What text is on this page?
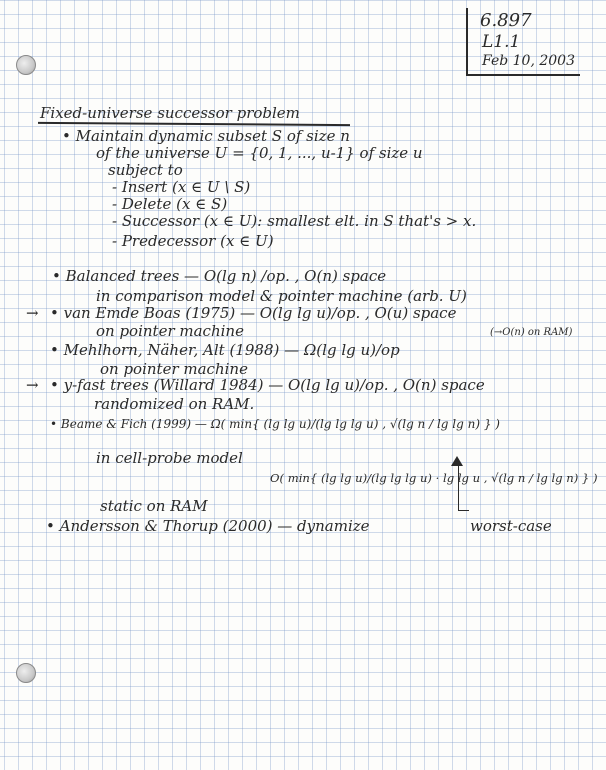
6.897
L1.1
Feb 10, 2003
Fixed-universe successor problem
• Maintain dynamic subset S of size n
of the universe U = {0, 1, ..., u-1} of size u
subject to
- Insert (x ∈ U \ S)
- Delete (x ∈ S)
- Successor (x ∈ U): smallest elt. in S that's > x.
- Predecessor (x ∈ U)
• Balanced trees — O(lg n) /op. , O(n) space
in comparison model & pointer machine (arb. U)
→ • van Emde Boas (1975) — O(lg lg u)/op. , O(u) space
(→O(n) on RAM)
on pointer machine
• Mehlhorn, Näher, Alt (1988) — Ω(lg lg u)/op
on pointer machine
→ • y-fast trees (Willard 1984) — O(lg lg u)/op. , O(n) space
randomized on RAM.
• Beame & Fich (1999) — Ω( min{ (lg lg u)/(lg lg lg u) , √(lg n / lg lg n) } )
in cell-probe model
O( min{ (lg lg u)/(lg lg lg u) · lg lg u , √(lg n / lg lg n) } )
static on RAM
• Andersson & Thorup (2000) — dynamize	worst-case
